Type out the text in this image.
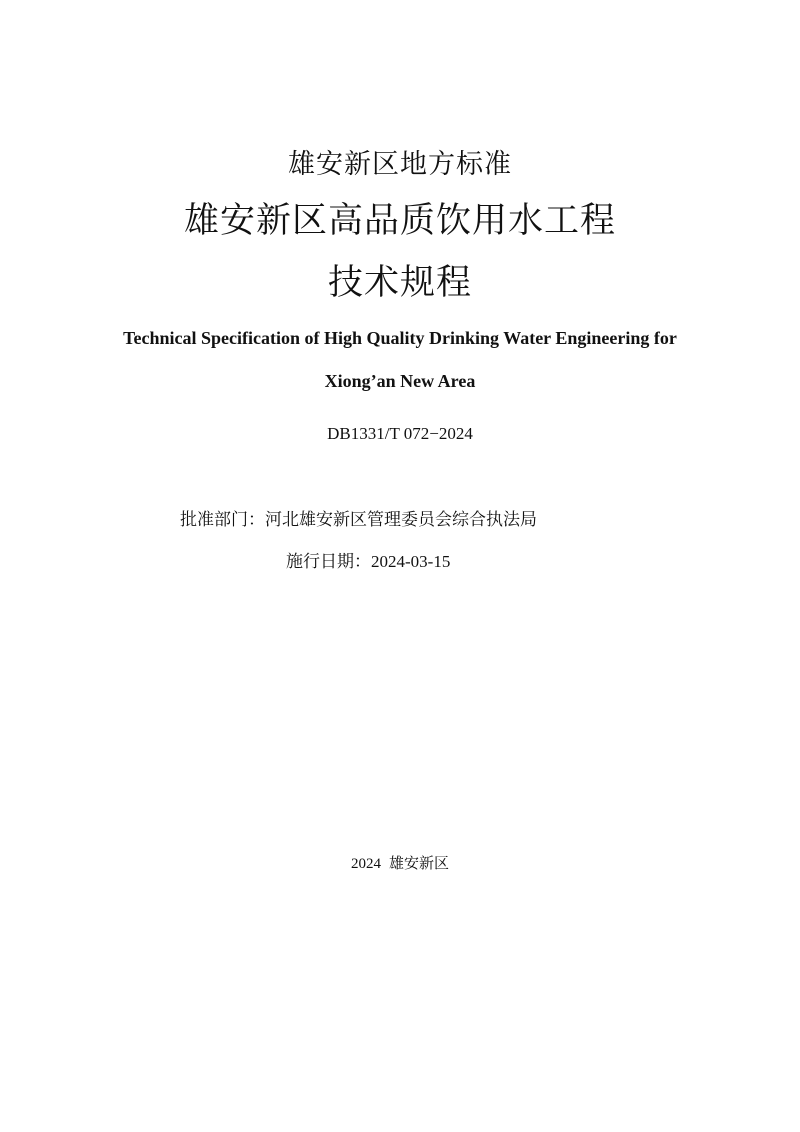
雄安新区地方标准
雄安新区高品质饮用水工程
技术规程
Technical Specification of High Quality Drinking Water Engineering for
Xiong’an New Area
DB1331/T 072−2024
批准部门：河北雄安新区管理委员会综合执法局
施行日期：2024-03-15
2024 雄安新区
